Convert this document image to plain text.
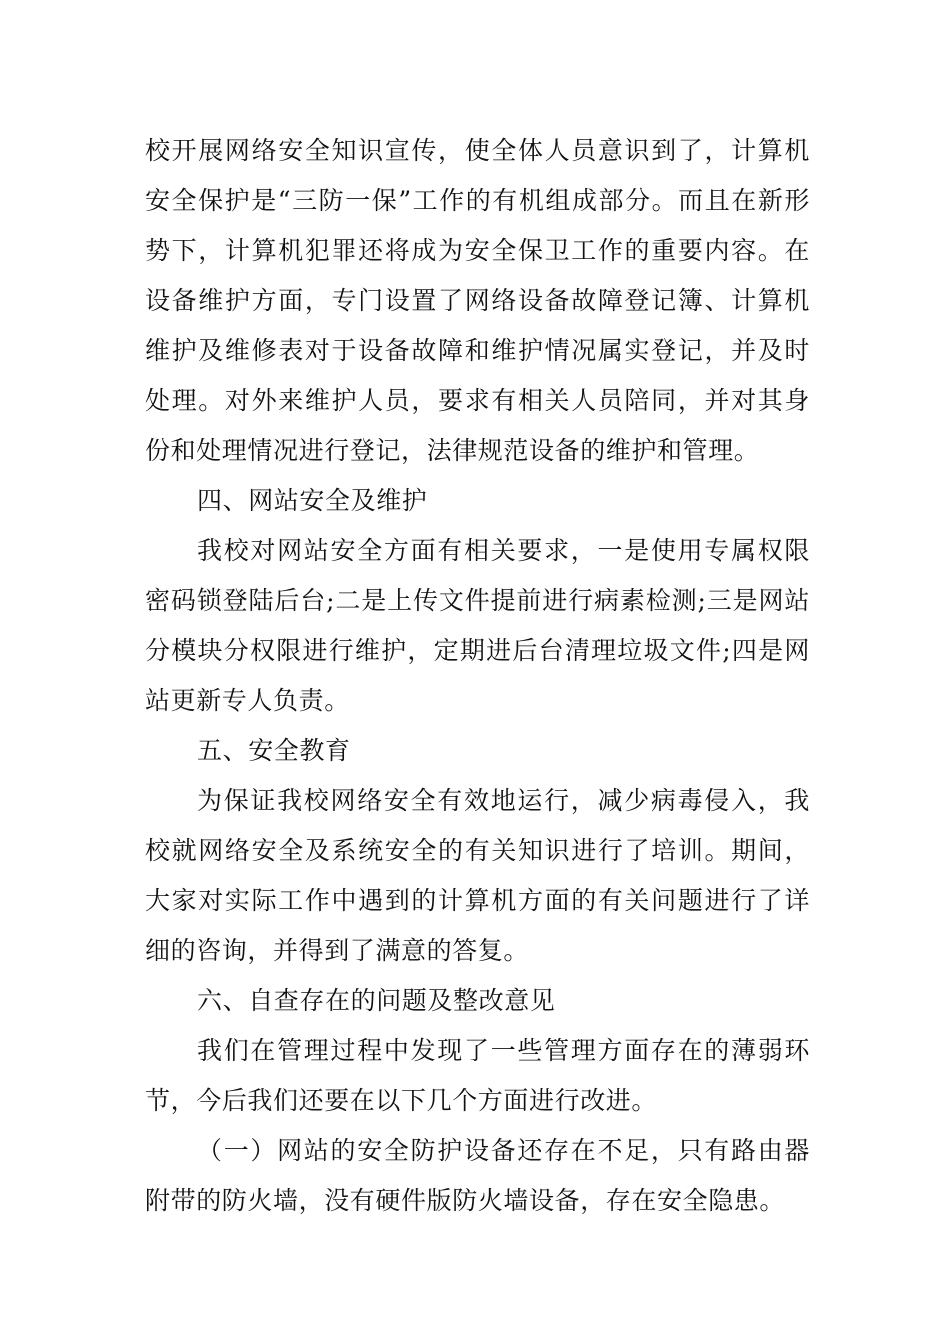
校开展网络安全知识宣传，使全体人员意识到了，计算机安全保护是“三防一保”工作的有机组成部分。而且在新形势下，计算机犯罪还将成为安全保卫工作的重要内容。在设备维护方面，专门设置了网络设备故障登记簿、计算机维护及维修表对于设备故障和维护情况属实登记，并及时处理。对外来维护人员，要求有相关人员陪同，并对其身份和处理情况进行登记，法律规范设备的维护和管理。

四、网站安全及维护

我校对网站安全方面有相关要求，一是使用专属权限密码锁登陆后台;二是上传文件提前进行病素检测;三是网站分模块分权限进行维护，定期进后台清理垃圾文件;四是网站更新专人负责。

五、安全教育

为保证我校网络安全有效地运行，减少病毒侵入，我校就网络安全及系统安全的有关知识进行了培训。期间，大家对实际工作中遇到的计算机方面的有关问题进行了详细的咨询，并得到了满意的答复。

六、自查存在的问题及整改意见

我们在管理过程中发现了一些管理方面存在的薄弱环节，今后我们还要在以下几个方面进行改进。

（一）网站的安全防护设备还存在不足，只有路由器附带的防火墙，没有硬件版防火墙设备，存在安全隐患。
